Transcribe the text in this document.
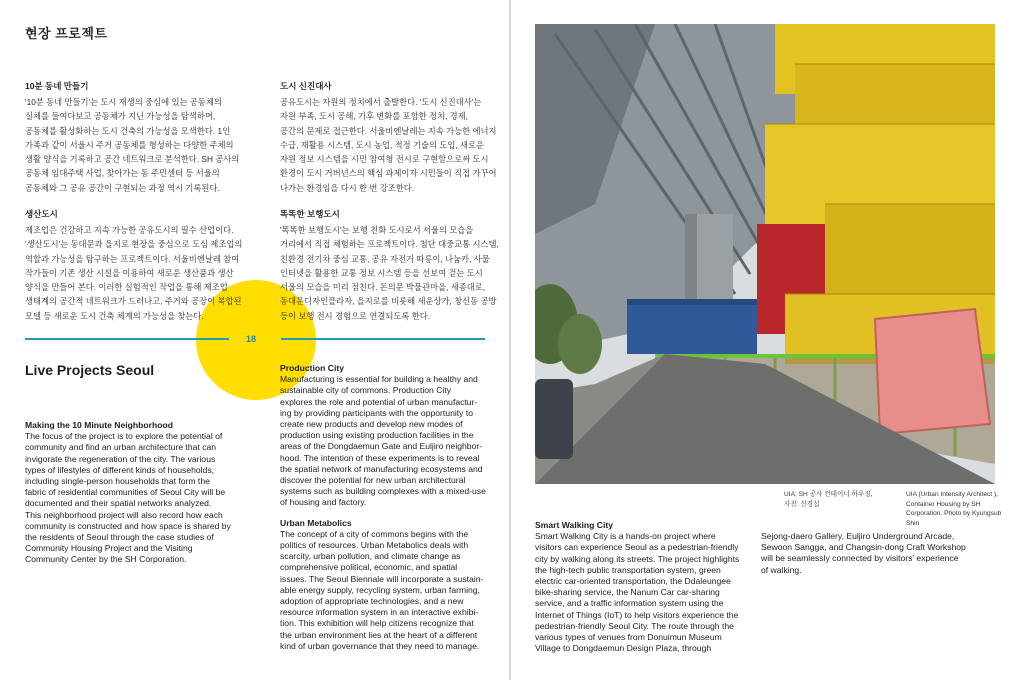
18
현장 프로젝트
10분 동네 만들기

'10분 동네 만들기'는 도시 재생의 중심에 있는 공동체의

실체를 들여다보고 공동체가 지닌 가능성을 탐색하며,

공동체를 활성화하는 도시 건축의 가능성을 모색한다. 1인

가족과 같이 서울시 주거 공동체를 형성하는 다양한 주체의

생활 양식을 기록하고 공간 네트워크로 분석한다. SH 공사의

공동체 임대주택 사업, 찾아가는 동 주민센터 등 서울의

공동체와 그 공유 공간이 구현되는 과정 역시 기록된다.

생산도시

제조업은 건강하고 지속 가능한 공유도시의 필수 산업이다.

'생산도시'는 동대문과 을지로 현장을 중심으로 도심 제조업의

역할과 가능성을 탐구하는 프로젝트이다. 서울비엔날레 참여

작가들이 기존 생산 시설을 이용하여 새로운 생산품과 생산

양식을 만들어 본다. 이러한 실험적인 작업을 통해 제조업

생태계의 공간적 네트워크가 드러나고, 주거와 공장이 복합된

모델 등 새로운 도시 건축 체계의 가능성을 찾는다.

도시 신진대사

공유도시는 자원의 정치에서 출발한다. '도시 신진대사'는

자원 부족, 도시 공해, 기후 변화를 포함한 정치, 경제,

공간의 문제로 접근한다. 서울비엔날레는 지속 가능한 에너지

수급, 재활용 시스템, 도시 농업, 적정 기술의 도입, 새로운

자원 정보 시스템을 시민 참여형 전시로 구현함으로써 도시

환경이 도시 거버넌스의 핵심 과제이자 시민들이 직접 가꾸어

나가는 환경임을 다시 한 번 강조한다.

똑똑한 보행도시

'똑똑한 보행도시'는 보행 친화 도시로서 서울의 모습을

거리에서 직접 체험하는 프로젝트이다. 첨단 대중교통 시스템,

친환경 전기차 중심 교통, 공유 자전거 따릉이, 나눔카, 사물

인터넷을 활용한 교통 정보 시스템 등을 선보여 걷는 도시

서울의 모습을 미리 점친다. 돈의문 박물관마을, 세종대로,

동대문디자인플라자, 을지로를 비롯해 세운상가, 창신동 공방

등이 보행 전시 경험으로 연결되도록 한다.

Live Projects Seoul
Making the 10 Minute Neighborhood

The focus of the project is to explore the potential of

community and find an urban architecture that can

invigorate the regeneration of the city. The various

types of lifestyles of different kinds of households,

including single-person households that form the

fabric of residential communities of Seoul City will be

documented and their spatial networks analyzed.

This neighborhood project will also record how each

community is constructed and how space is shared by

the residents of Seoul through the case studies of

Community Housing Project and the Visiting

Community Center by the SH Corporation.

Production City

Manufacturing is essential for building a healthy and

sustainable city of commons. Production City

explores the role and potential of urban manufactur-

ing by providing participants with the opportunity to

create new products and develop new modes of

production using existing production facilities in the

areas of the Dongdaemun Gate and Euljiro neighbor-

hood. The intention of these experiments is to reveal

the spatial network of manufacturing ecosystems and

discover the potential for new urban architectural

systems such as building complexes with a mixed-use

of housing and factory.

Urban Metabolics

The concept of a city of commons begins with the

politics of resources. Urban Metabolics deals with

scarcity, urban pollution, and climate change as

comprehensive political, economic, and spatial

issues. The Seoul Biennale will incorporate a sustain-

able energy supply, recycling system, urban farming,

adoption of appropriate technologies, and a new

resource information system in an interactive exhibi-

tion. This exhibition will help citizens recognize that

the urban environment lies at the heart of a different

kind of urban governance that they need to manage.

UIA, SH 공사 컨테이너 하우징,
사진: 신경섭
UIA (Urban Intensity Architect ),
Container Housing by SH
Corporation. Photo by Kyungsub
Shin
Smart Walking City

Smart Walking City is a hands-on project where

visitors can experience Seoul as a pedestrian-friendly

city by walking along its streets. The project highlights

the high-tech public transportation system, green

electric car-oriented transportation, the Ddaleungee

bike-sharing service, the Nanum Car car-sharing

service, and a traffic information system using the

Internet of Things (IoT) to help visitors experience the

pedestrian-friendly Seoul City. The route through the

various types of venues from Donuimun Museum

Village to Dongdaemun Design Plaza, through

Sejong-daero Gallery, Euljiro Underground Arcade,

Sewoon Sangga, and Changsin-dong Craft Workshop

will be seamlessly connected by visitors' experience

of walking.
